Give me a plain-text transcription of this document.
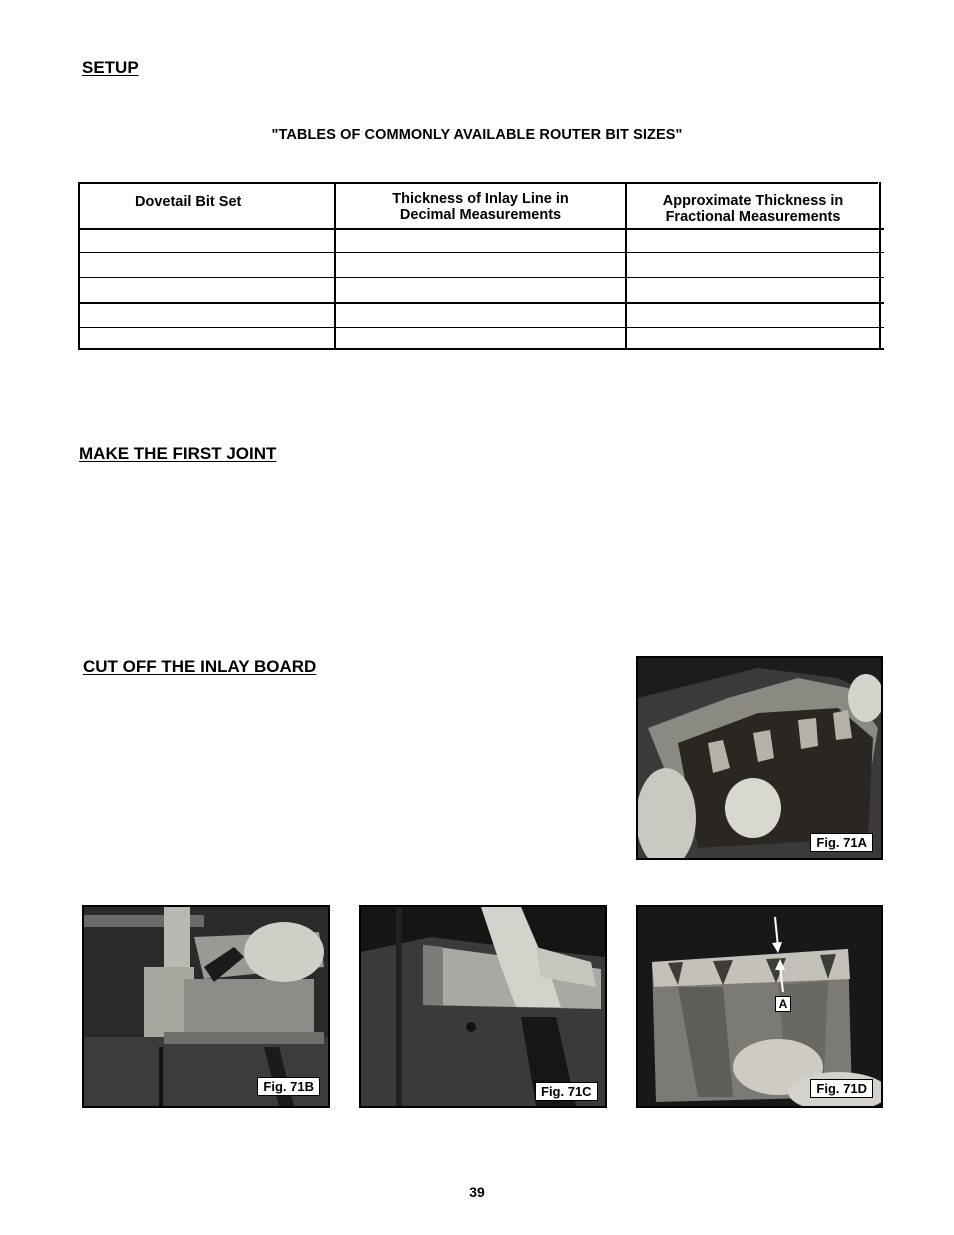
SETUP
"TABLES OF COMMONLY AVAILABLE ROUTER BIT SIZES"
Dovetail Bit Set	Thickness of Inlay Line in Decimal Measurements
Approximate Thickness in Fractional Measurements
MAKE THE FIRST JOINT
CUT OFF THE INLAY BOARD
Fig. 71A
Fig. 71B	Fig. 71C
A
Fig. 71D
39
